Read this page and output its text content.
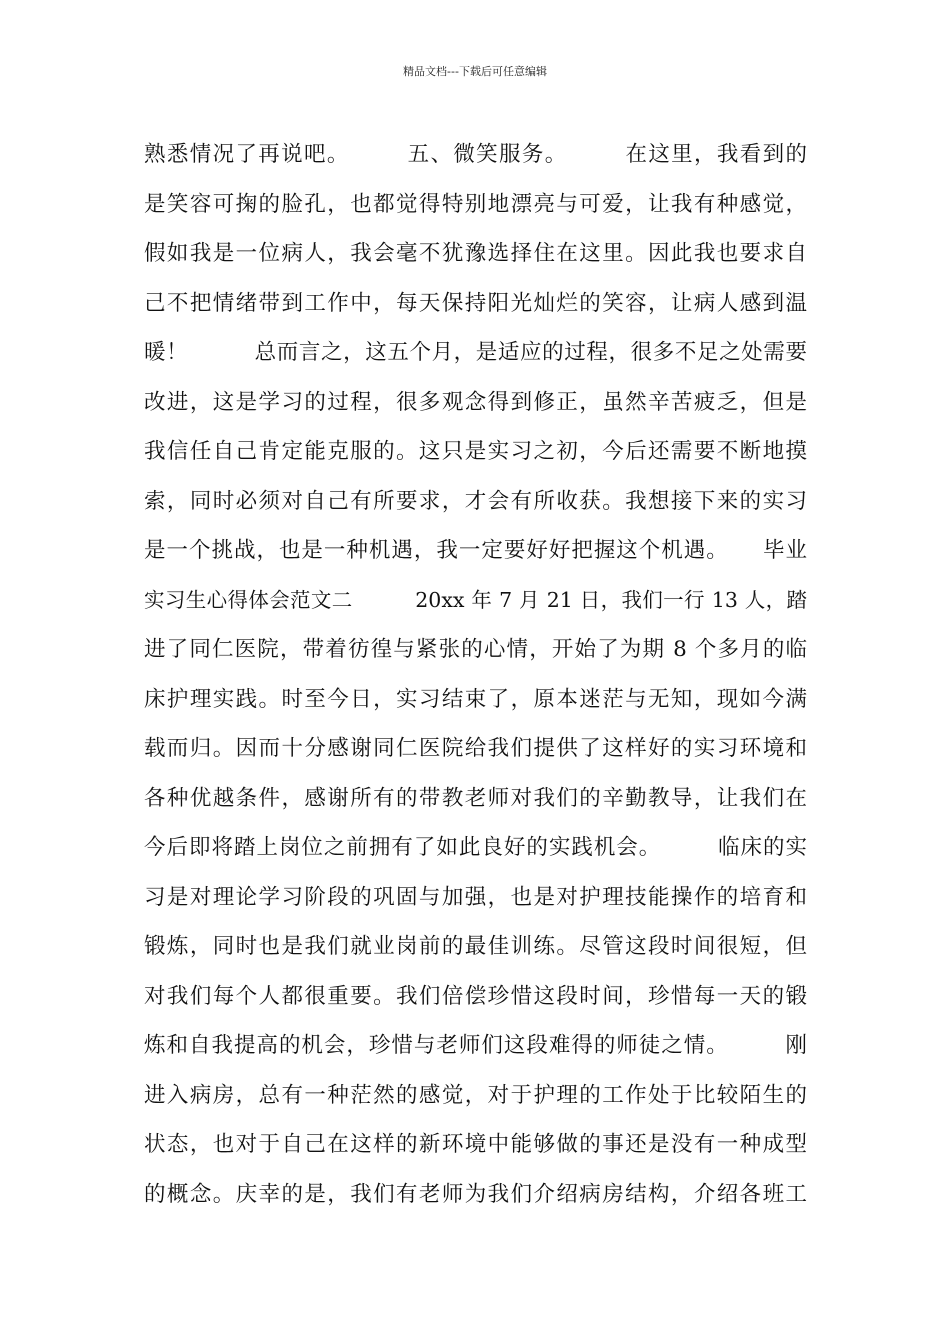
精品文档---下载后可任意编辑
熟悉情况了再说吧。　　　五、微笑服务。　　　在这里，我看到的
是笑容可掬的脸孔，也都觉得特别地漂亮与可爱，让我有种感觉，
假如我是一位病人，我会毫不犹豫选择住在这里。因此我也要求自
己不把情绪带到工作中，每天保持阳光灿烂的笑容，让病人感到温
暖！　　　总而言之，这五个月，是适应的过程，很多不足之处需要
改进，这是学习的过程，很多观念得到修正，虽然辛苦疲乏，但是
我信任自己肯定能克服的。这只是实习之初，今后还需要不断地摸
索，同时必须对自己有所要求，才会有所收获。我想接下来的实习
是一个挑战，也是一种机遇，我一定要好好把握这个机遇。　　毕业
实习生心得体会范文二　　　20xx 年 7 月 21 日，我们一行 13 人，踏
进了同仁医院，带着彷徨与紧张的心情，开始了为期 8 个多月的临
床护理实践。时至今日，实习结束了，原本迷茫与无知，现如今满
载而归。因而十分感谢同仁医院给我们提供了这样好的实习环境和
各种优越条件，感谢所有的带教老师对我们的辛勤教导，让我们在
今后即将踏上岗位之前拥有了如此良好的实践机会。　　　临床的实
习是对理论学习阶段的巩固与加强，也是对护理技能操作的培育和
锻炼，同时也是我们就业岗前的最佳训练。尽管这段时间很短，但
对我们每个人都很重要。我们倍偿珍惜这段时间，珍惜每一天的锻
炼和自我提高的机会，珍惜与老师们这段难得的师徒之情。　　　刚
进入病房，总有一种茫然的感觉，对于护理的工作处于比较陌生的
状态，也对于自己在这样的新环境中能够做的事还是没有一种成型
的概念。庆幸的是，我们有老师为我们介绍病房结构，介绍各班工
